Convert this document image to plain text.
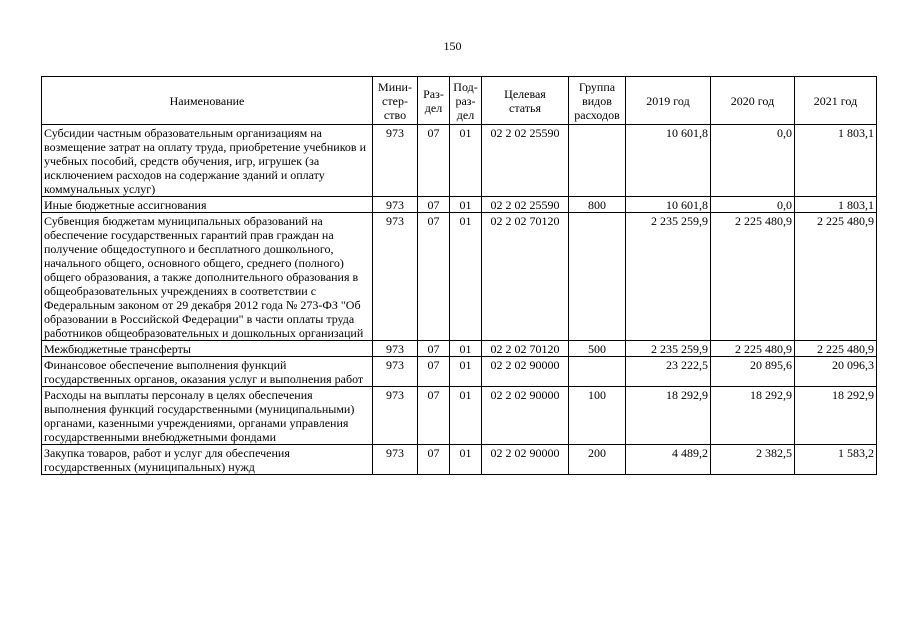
150
Наименование	Мини-
стер-
ство	Раз-
дел	Под-
раз-
дел	Целевая
статья	Группа
видов
расходов	2019 год	2020 год	2021 год
Субсидии частным образовательным организациям на возмещение затрат на оплату труда, приобретение учебников и учебных пособий, средств обучения, игр, игрушек (за исключением расходов на содержание зданий и оплату коммунальных услуг)	973	07	01	02 2 02 25590		10 601,8	0,0	1 803,1
Иные бюджетные ассигнования	973	07	01	02 2 02 25590	800	10 601,8	0,0	1 803,1
Субвенция бюджетам муниципальных образований на обеспечение государственных гарантий прав граждан на получение общедоступного и бесплатного дошкольного, начального общего, основного общего, среднего (полного) общего образования, а также дополнительного образования в общеобразовательных учреждениях в соответствии с Федеральным законом от 29 декабря 2012 года № 273-ФЗ "Об образовании в Российской Федерации" в части оплаты труда работников общеобразовательных и дошкольных организаций	973	07	01	02 2 02 70120		2 235 259,9	2 225 480,9	2 225 480,9
Межбюджетные трансферты	973	07	01	02 2 02 70120	500	2 235 259,9	2 225 480,9	2 225 480,9
Финансовое обеспечение выполнения функций государственных органов, оказания услуг и выполнения работ	973	07	01	02 2 02 90000		23 222,5	20 895,6	20 096,3
Расходы на выплаты персоналу в целях обеспечения выполнения функций государственными (муниципальными) органами, казенными учреждениями, органами управления государственными внебюджетными фондами	973	07	01	02 2 02 90000	100	18 292,9	18 292,9	18 292,9
Закупка товаров, работ и услуг для обеспечения государственных (муниципальных) нужд	973	07	01	02 2 02 90000	200	4 489,2	2 382,5	1 583,2
